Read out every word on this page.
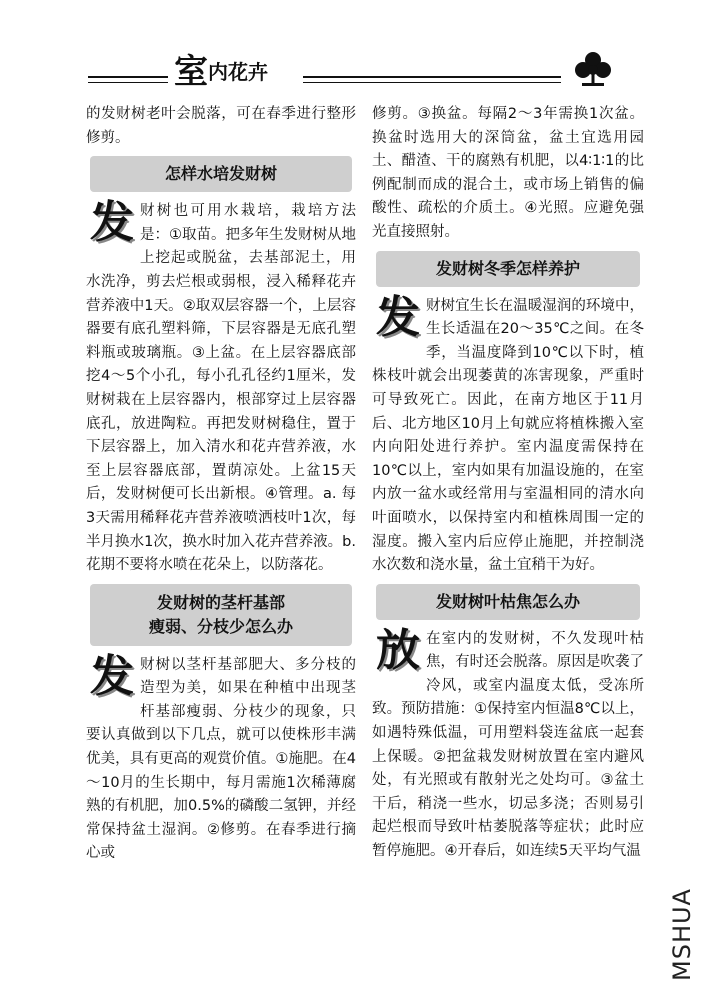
室内花卉
的发财树老叶会脱落，可在春季进行整形修剪。
怎样水培发财树
发 财树也可用水栽培，栽培方法是：①取苗。把多年生发财树从地上挖起或脱盆，去基部泥土，用水洗净，剪去烂根或弱根，浸入稀释花卉营养液中1天。②取双层容器一个，上层容器要有底孔塑料筛，下层容器是无底孔塑料瓶或玻璃瓶。③上盆。在上层容器底部挖4～5个小孔，每小孔孔径约1厘米，发财树栽在上层容器内，根部穿过上层容器底孔，放进陶粒。再把发财树稳住，置于下层容器上，加入清水和花卉营养液，水至上层容器底部，置荫凉处。上盆15天后，发财树便可长出新根。④管理。a. 每3天需用稀释花卉营养液喷洒枝叶1次，每半月换水1次，换水时加入花卉营养液。b. 花期不要将水喷在花朵上，以防落花。
发财树的茎杆基部
瘦弱、分枝少怎么办
发 财树以茎杆基部肥大、多分枝的造型为美，如果在种植中出现茎杆基部瘦弱、分枝少的现象，只要认真做到以下几点，就可以使株形丰满优美，具有更高的观赏价值。①施肥。在4～10月的生长期中，每月需施1次稀薄腐熟的有机肥，加0.5%的磷酸二氢钾，并经常保持盆土湿润。②修剪。在春季进行摘心或
修剪。③换盆。每隔2～3年需换1次盆。换盆时选用大的深筒盆，盆土宜选用园土、醋渣、干的腐熟有机肥，以4∶1∶1的比例配制而成的混合土，或市场上销售的偏酸性、疏松的介质土。④光照。应避免强光直接照射。
发财树冬季怎样养护
发 财树宜生长在温暖湿润的环境中，生长适温在20～35℃之间。在冬季，当温度降到10℃以下时，植株枝叶就会出现萎黄的冻害现象，严重时可导致死亡。因此，在南方地区于11月后、北方地区10月上旬就应将植株搬入室内向阳处进行养护。室内温度需保持在10℃以上，室内如果有加温设施的，在室内放一盆水或经常用与室温相同的清水向叶面喷水，以保持室内和植株周围一定的湿度。搬入室内后应停止施肥，并控制浇水次数和浇水量，盆土宜稍干为好。
发财树叶枯焦怎么办
放 在室内的发财树，不久发现叶枯焦，有时还会脱落。原因是吹袭了冷风，或室内温度太低，受冻所致。预防措施：①保持室内恒温8℃以上，如遇特殊低温，可用塑料袋连盆底一起套上保暖。②把盆栽发财树放置在室内避风处，有光照或有散射光之处均可。③盆土干后，稍浇一些水，切忌多浇；否则易引起烂根而导致叶枯萎脱落等症状；此时应暂停施肥。④开春后，如连续5天平均气温
MSHUA
